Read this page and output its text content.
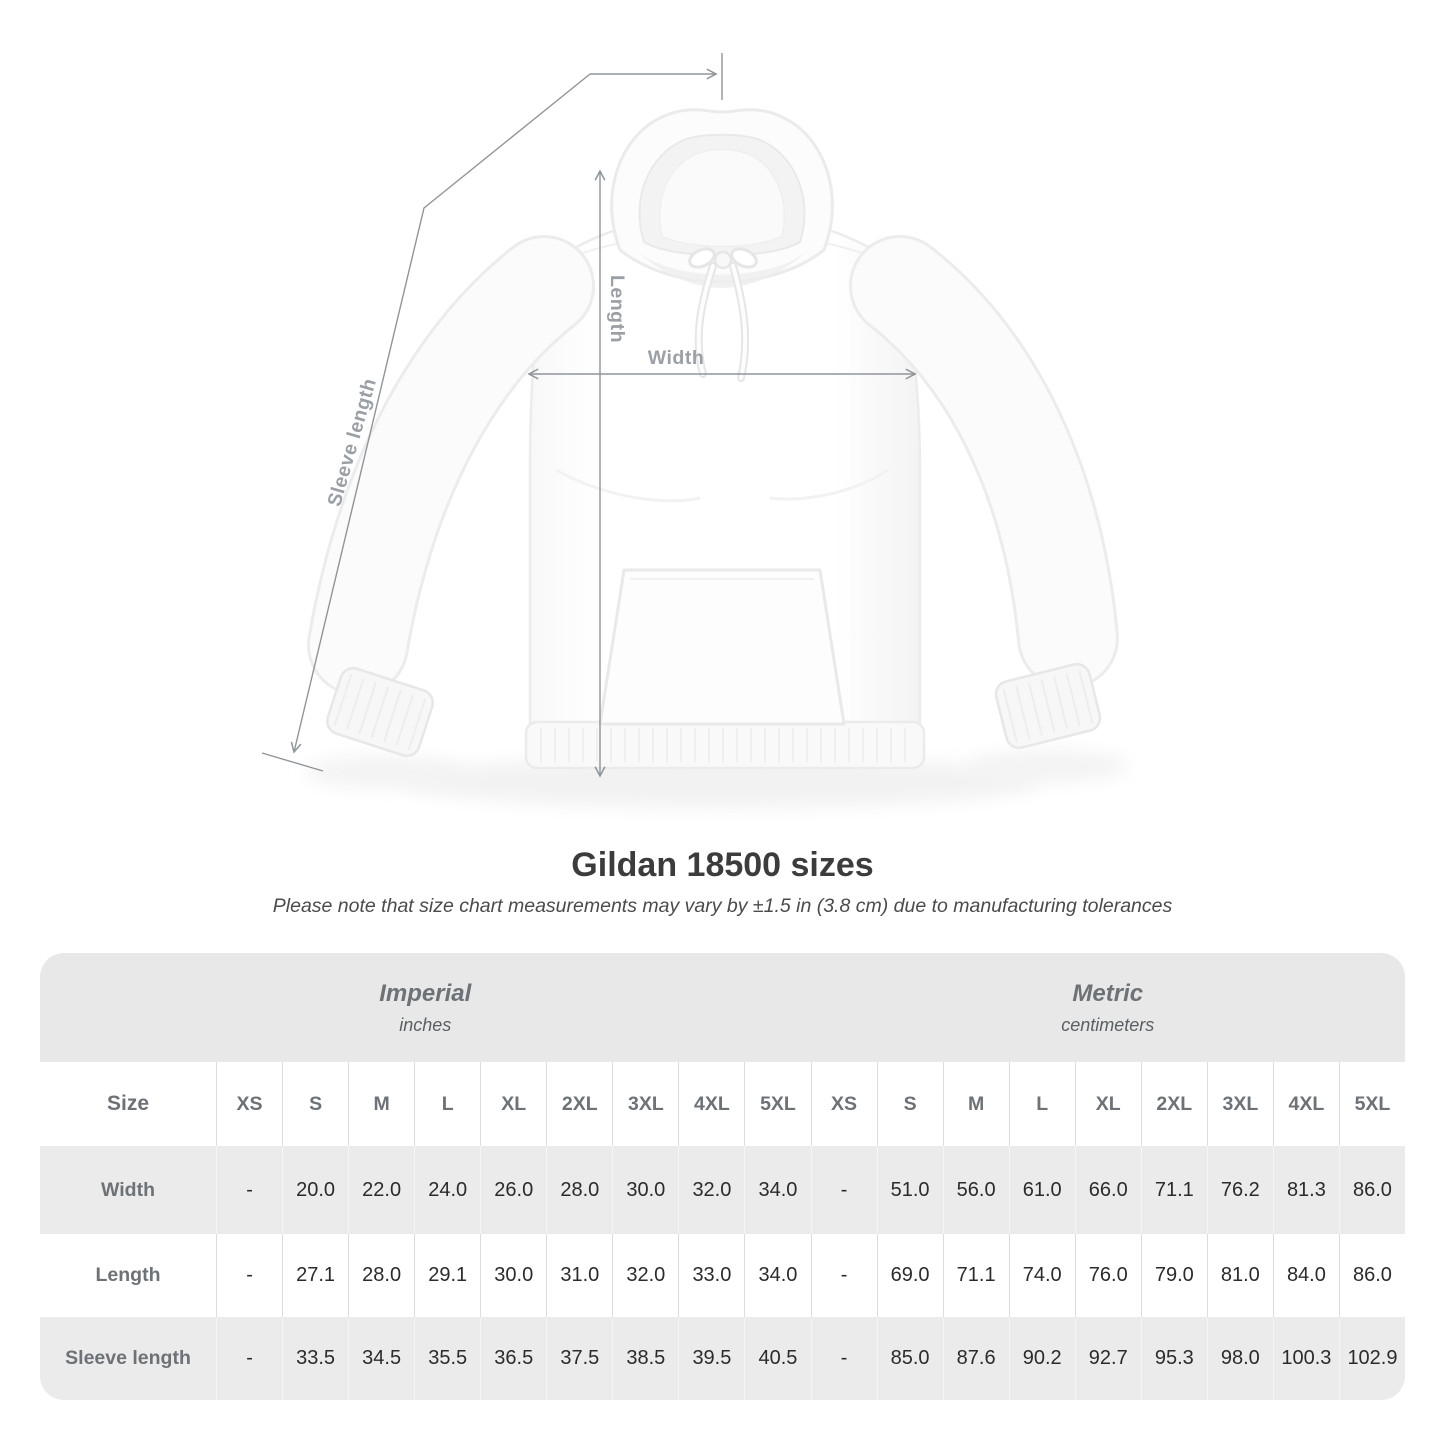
Length
Width
Sleeve length
Gildan 18500 sizes
Please note that size chart measurements may vary by ±1.5 in (3.8 cm) due to manufacturing tolerances
Imperial
inches
Metric
centimeters
Size	XS	S	M	L	XL	2XL	3XL	4XL	5XL	XS	S	M	L	XL	2XL	3XL	4XL	5XL
Width	-	20.0	22.0	24.0	26.0	28.0	30.0	32.0	34.0	-	51.0	56.0	61.0	66.0	71.1	76.2	81.3	86.0
Length	-	27.1	28.0	29.1	30.0	31.0	32.0	33.0	34.0	-	69.0	71.1	74.0	76.0	79.0	81.0	84.0	86.0
Sleeve length	-	33.5	34.5	35.5	36.5	37.5	38.5	39.5	40.5	-	85.0	87.6	90.2	92.7	95.3	98.0	100.3 102.9
